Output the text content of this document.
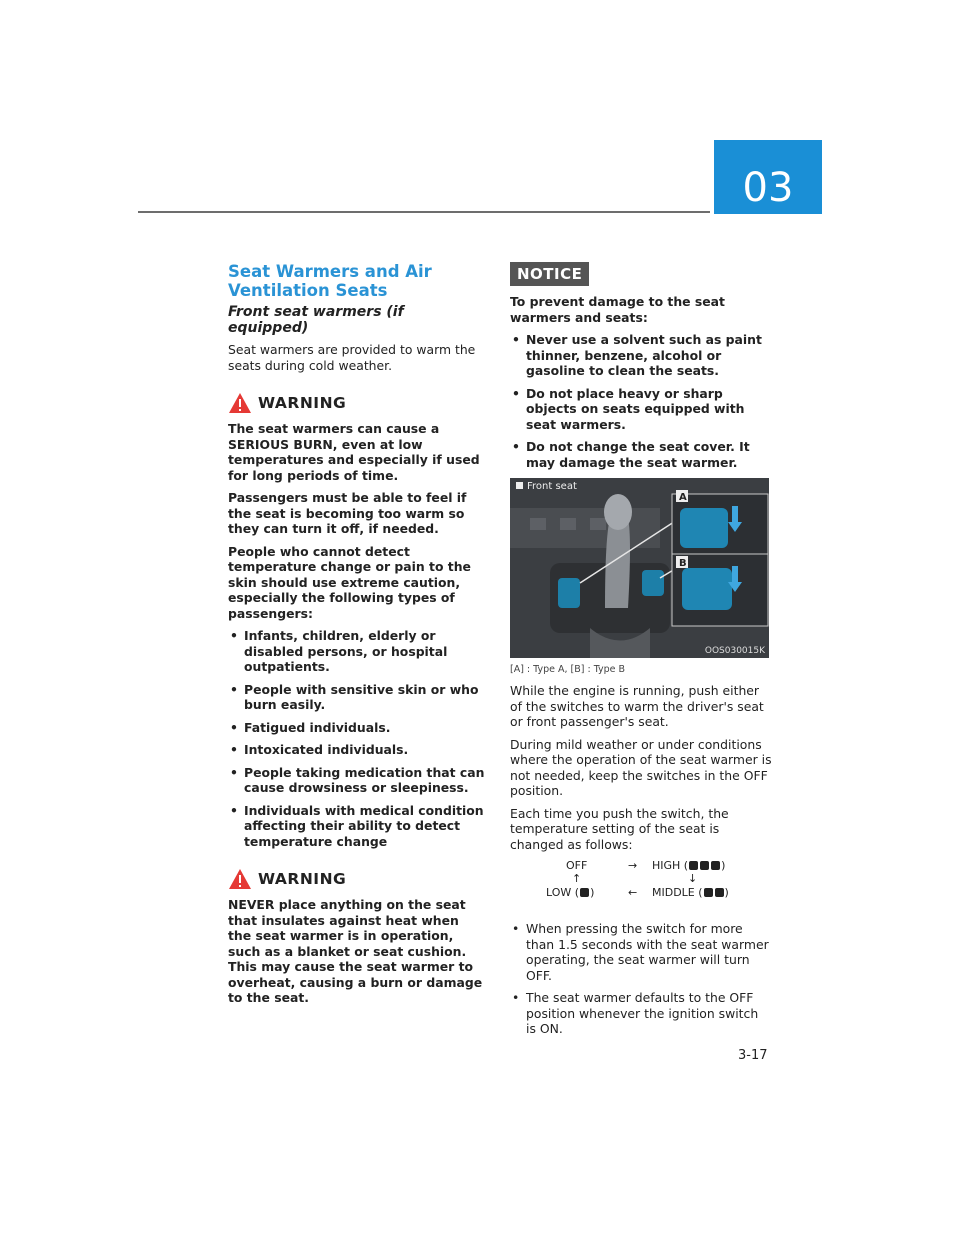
03
Seat Warmers and Air Ventilation Seats
Front seat warmers (if equipped)

Seat warmers are provided to warm the seats during cold weather.

WARNING

The seat warmers can cause a SERIOUS BURN, even at low temperatures and especially if used for long periods of time.

Passengers must be able to feel if the seat is becoming too warm so they can turn it off, if needed.

People who cannot detect temperature change or pain to the skin should use extreme caution, especially the following types of passengers:

• Infants, children, elderly or disabled persons, or hospital outpatients.
• People with sensitive skin or who burn easily.
• Fatigued individuals.
• Intoxicated individuals.
• People taking medication that can cause drowsiness or sleepiness.
• Individuals with medical condition affecting their ability to detect temperature change
WARNING

NEVER place anything on the seat that insulates against heat when the seat warmer is in operation, such as a blanket or seat cushion. This may cause the seat warmer to overheat, causing a burn or damage to the seat.

NOTICE

To prevent damage to the seat warmers and seats:

• Never use a solvent such as paint thinner, benzene, alcohol or gasoline to clean the seats.
• Do not place heavy or sharp objects on seats equipped with seat warmers.
• Do not change the seat cover. It may damage the seat warmer.
A
B
Front seat
OOS030015K
[A] : Type A, [B] : Type B

While the engine is running, push either of the switches to warm the driver's seat or front passenger's seat.

During mild weather or under conditions where the operation of the seat warmer is not needed, keep the switches in the OFF position.

Each time you push the switch, the temperature setting of the seat is changed as follows:

OFF	→ HIGH (	)
↑	↓
LOW ( )	← MIDDLE ( )
• When pressing the switch for more than 1.5 seconds with the seat warmer operating, the seat warmer will turn OFF.
• The seat warmer defaults to the OFF position whenever the ignition switch is ON.
3-17
